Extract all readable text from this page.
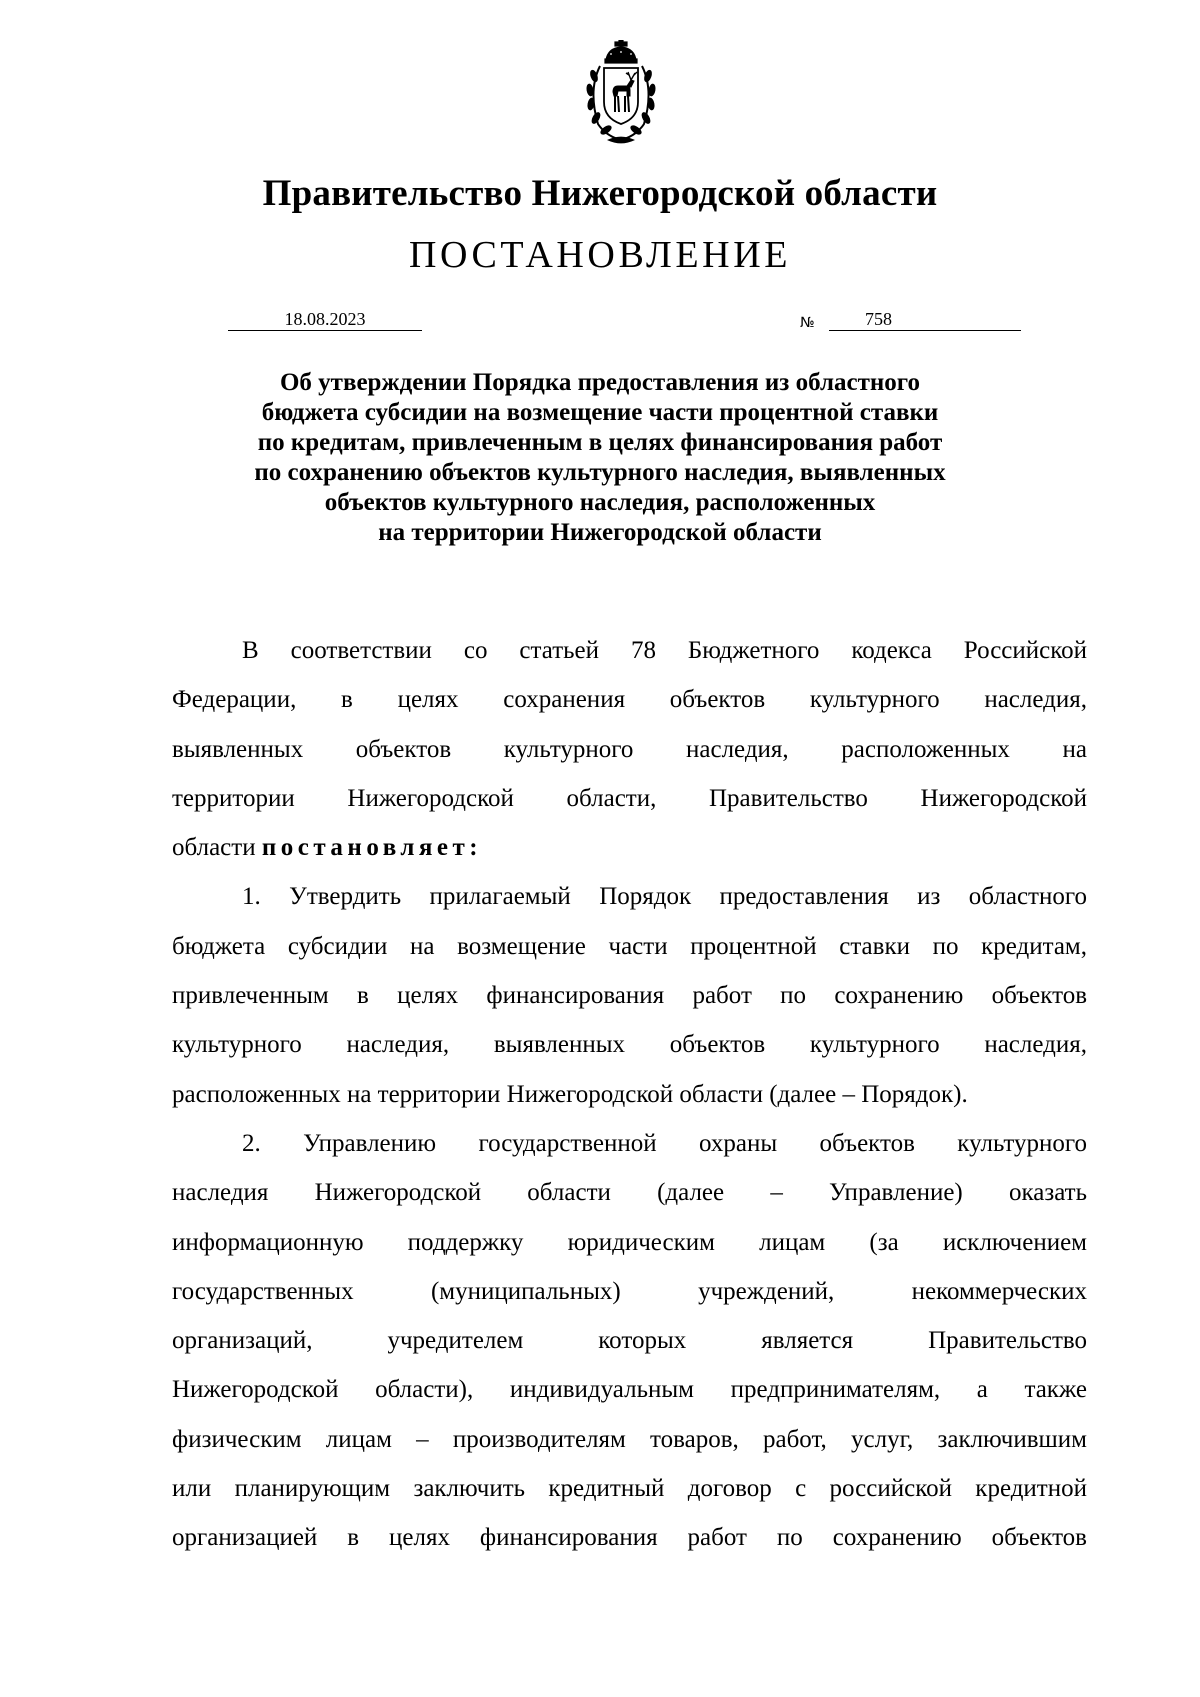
Правительство Нижегородской области
ПОСТАНОВЛЕНИЕ
18.08.2023	№	758
Об утверждении Порядка предоставления из областного
бюджета субсидии на возмещение части процентной ставки
по кредитам, привлеченным в целях финансирования работ
по сохранению объектов культурного наследия, выявленных
объектов культурного наследия, расположенных
на территории Нижегородской области
В соответствии со статьей 78 Бюджетного кодекса Российской
Федерации, в целях сохранения объектов культурного наследия,
выявленных объектов культурного наследия, расположенных на
территории Нижегородской области, Правительство Нижегородской
области постановляет:
1. Утвердить прилагаемый Порядок предоставления из областного
бюджета субсидии на возмещение части процентной ставки по кредитам,
привлеченным в целях финансирования работ по сохранению объектов
культурного наследия, выявленных объектов культурного наследия,
расположенных на территории Нижегородской области (далее – Порядок).
2. Управлению государственной охраны объектов культурного
наследия Нижегородской области (далее – Управление) оказать
информационную поддержку юридическим лицам (за исключением
государственных (муниципальных) учреждений, некоммерческих
организаций, учредителем которых является Правительство
Нижегородской области), индивидуальным предпринимателям, а также
физическим лицам – производителям товаров, работ, услуг, заключившим
или планирующим заключить кредитный договор с российской кредитной
организацией в целях финансирования работ по сохранению объектов
